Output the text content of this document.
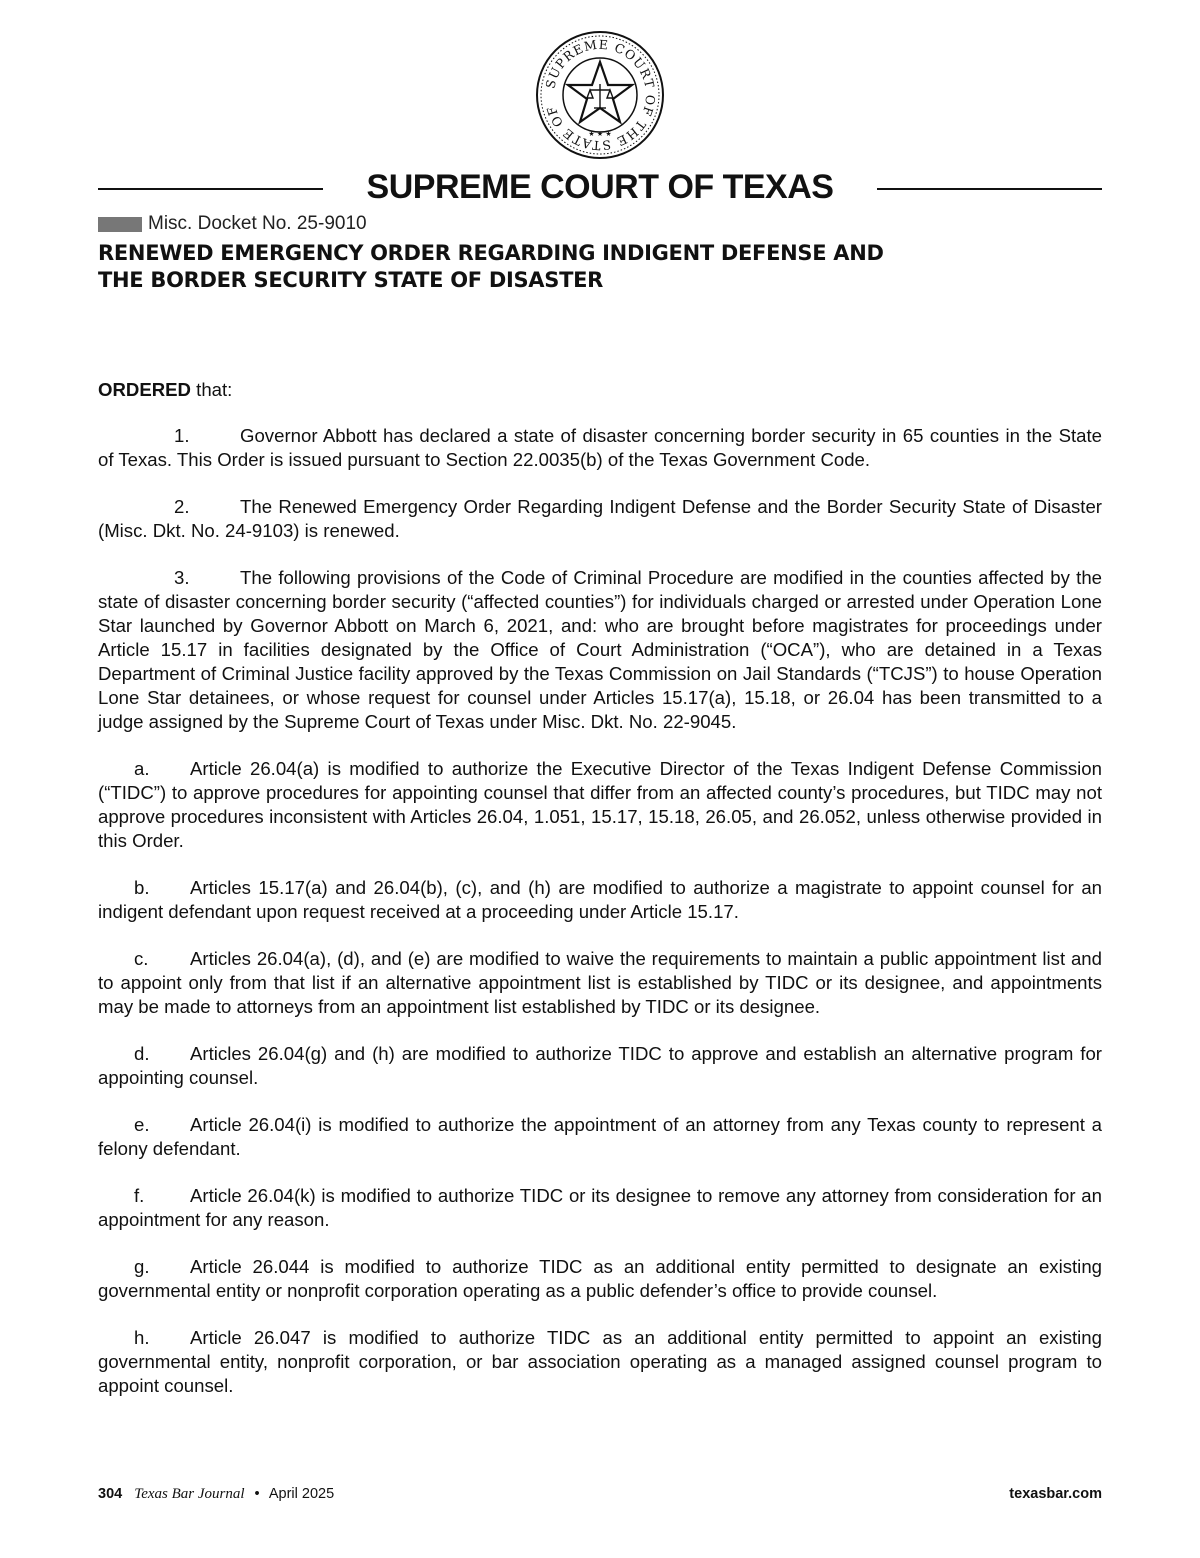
SUPREME COURT OF THE STATE OF
★ ★ ★
SUPREME COURT OF TEXAS
Misc. Docket No. 25-9010
RENEWED EMERGENCY ORDER REGARDING INDIGENT DEFENSE AND
THE BORDER SECURITY STATE OF DISASTER

ORDERED that:

1.	Governor Abbott has declared a state of disaster concerning border security in 65 counties in the State of Texas. This Order is issued pursuant to Section 22.0035(b) of the Texas Government Code.

2.	The Renewed Emergency Order Regarding Indigent Defense and the Border Security State of Disaster (Misc. Dkt. No. 24-9103) is renewed.

3.	The following provisions of the Code of Criminal Procedure are modified in the counties affected by the state of disaster concerning border security (“affected counties”) for individuals charged or arrested under Operation Lone Star launched by Governor Abbott on March 6, 2021, and: who are brought before magistrates for proceedings under Article 15.17 in facilities designated by the Office of Court Administration (“OCA”), who are detained in a Texas Department of Criminal Justice facility approved by the Texas Commission on Jail Standards (“TCJS”) to house Operation Lone Star detainees, or whose request for counsel under Articles 15.17(a), 15.18, or 26.04 has been transmitted to a judge assigned by the Supreme Court of Texas under Misc. Dkt. No. 22-9045.

a. Article 26.04(a) is modified to authorize the Executive Director of the Texas Indigent Defense Commission (“TIDC”) to approve procedures for appointing counsel that differ from an affected county’s procedures, but TIDC may not approve procedures inconsistent with Articles 26.04, 1.051, 15.17, 15.18, 26.05, and 26.052, unless otherwise provided in this Order.

b. Articles 15.17(a) and 26.04(b), (c), and (h) are modified to authorize a magistrate to appoint counsel for an indigent defendant upon request received at a proceeding under Article 15.17.

c. Articles 26.04(a), (d), and (e) are modified to waive the requirements to maintain a public appointment list and to appoint only from that list if an alternative appointment list is established by TIDC or its designee, and appointments may be made to attorneys from an appointment list established by TIDC or its designee.

d. Articles 26.04(g) and (h) are modified to authorize TIDC to approve and establish an alternative program for appointing counsel.

e. Article 26.04(i) is modified to authorize the appointment of an attorney from any Texas county to represent a felony defendant.

f. Article 26.04(k) is modified to authorize TIDC or its designee to remove any attorney from consideration for an appointment for any reason.

g. Article 26.044 is modified to authorize TIDC as an additional entity permitted to designate an existing governmental entity or nonprofit corporation operating as a public defender’s office to provide counsel.

h. Article 26.047 is modified to authorize TIDC as an additional entity permitted to appoint an existing governmental entity, nonprofit corporation, or bar association operating as a managed assigned counsel program to appoint counsel.

304 Texas Bar Journal • April 2025	texasbar.com
